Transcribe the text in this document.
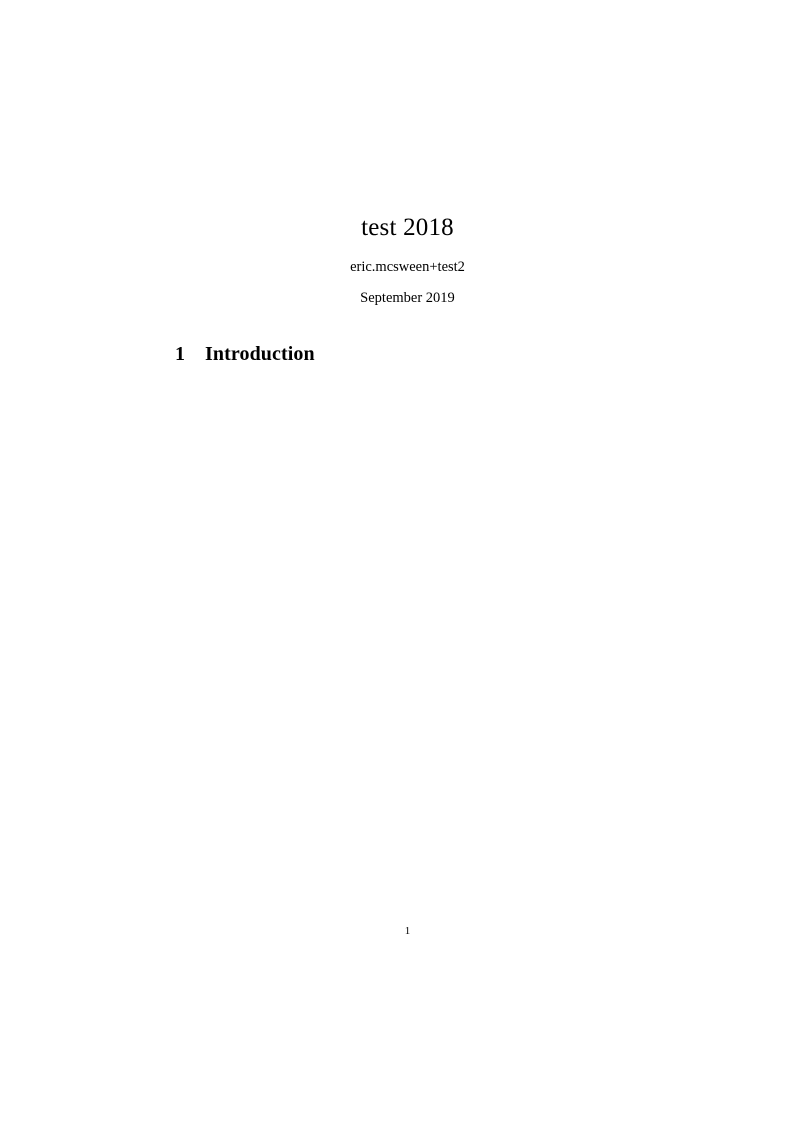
test 2018
eric.mcsween+test2
September 2019
1 Introduction
1
